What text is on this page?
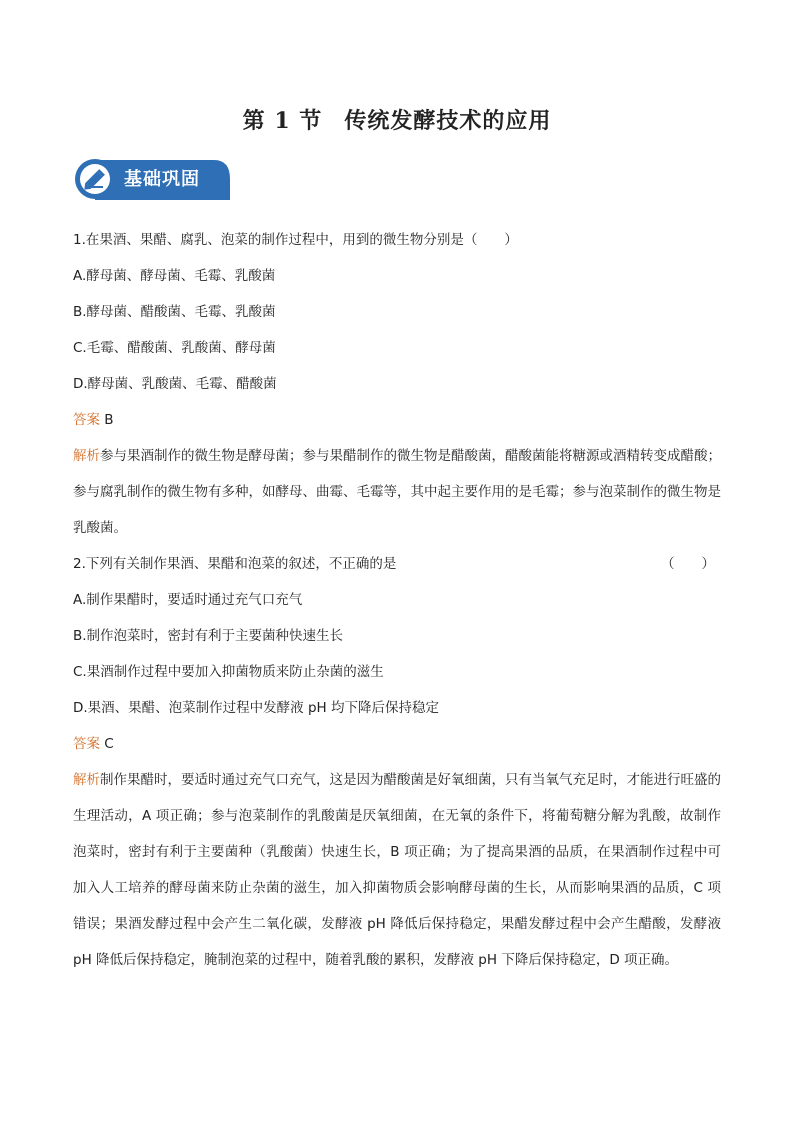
第 1 节 传统发酵技术的应用
基础巩固
1.在果酒、果醋、腐乳、泡菜的制作过程中，用到的微生物分别是（　　）
A.酵母菌、酵母菌、毛霉、乳酸菌
B.酵母菌、醋酸菌、毛霉、乳酸菌
C.毛霉、醋酸菌、乳酸菌、酵母菌
D.酵母菌、乳酸菌、毛霉、醋酸菌
答案 B
解析参与果酒制作的微生物是酵母菌；参与果醋制作的微生物是醋酸菌，醋酸菌能将糖源或酒精转变成醋酸；参与腐乳制作的微生物有多种，如酵母、曲霉、毛霉等，其中起主要作用的是毛霉；参与泡菜制作的微生物是乳酸菌。
2.下列有关制作果酒、果醋和泡菜的叙述，不正确的是	（　　）
A.制作果醋时，要适时通过充气口充气
B.制作泡菜时，密封有利于主要菌种快速生长
C.果酒制作过程中要加入抑菌物质来防止杂菌的滋生
D.果酒、果醋、泡菜制作过程中发酵液 pH 均下降后保持稳定
答案 C
解析制作果醋时，要适时通过充气口充气，这是因为醋酸菌是好氧细菌，只有当氧气充足时，才能进行旺盛的生理活动，A 项正确；参与泡菜制作的乳酸菌是厌氧细菌，在无氧的条件下，将葡萄糖分解为乳酸，故制作泡菜时，密封有利于主要菌种（乳酸菌）快速生长，B 项正确；为了提高果酒的品质，在果酒制作过程中可加入人工培养的酵母菌来防止杂菌的滋生，加入抑菌物质会影响酵母菌的生长，从而影响果酒的品质，C 项错误；果酒发酵过程中会产生二氧化碳，发酵液 pH 降低后保持稳定，果醋发酵过程中会产生醋酸，发酵液 pH 降低后保持稳定，腌制泡菜的过程中，随着乳酸的累积，发酵液 pH 下降后保持稳定，D 项正确。
